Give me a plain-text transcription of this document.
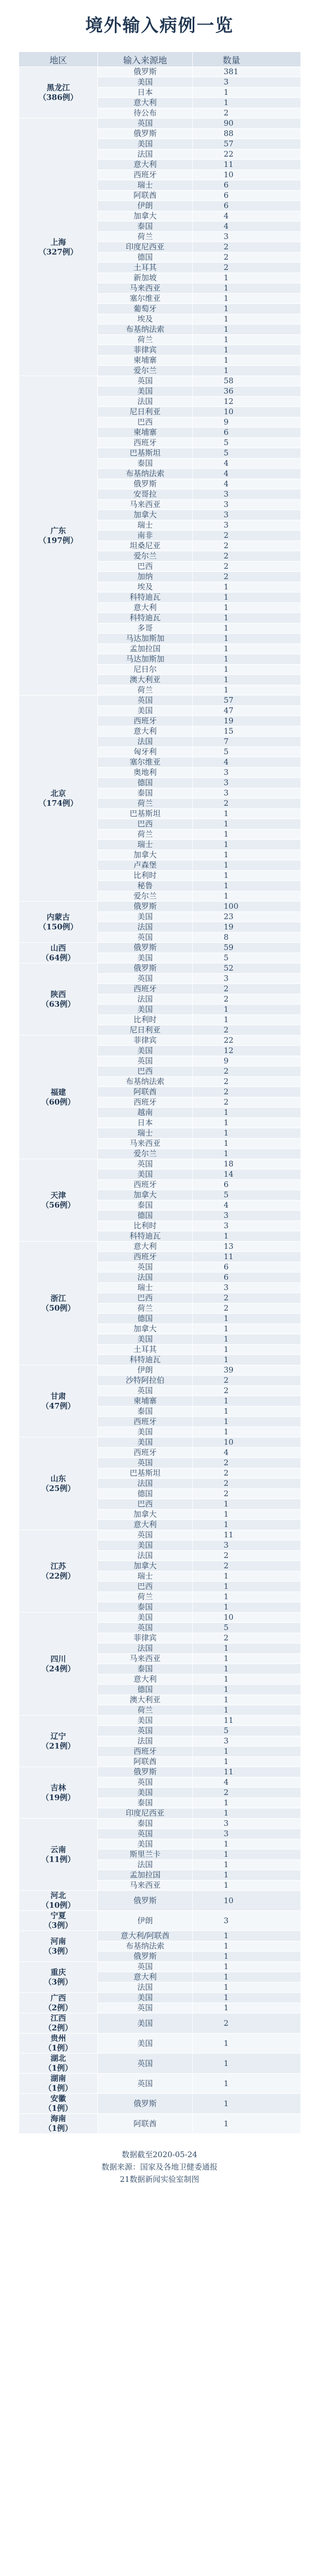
境外输入病例一览
地区	输入来源地	数量

黑龙江
（386例）	俄罗斯	381
	美国	3
	日本	1
	意大利	1
	待公布	2

上海
（327例）	英国	90
	俄罗斯	88
	美国	57
	法国	22
	意大利	11
	西班牙	10
	瑞士	6
	阿联酋	6
	伊朗	6
	加拿大	4
	泰国	4
	荷兰	3
	印度尼西亚	2
	德国	2
	土耳其	2
	新加坡	1
	马来西亚	1
	塞尔维亚	1
	葡萄牙	1
	埃及	1
	布基纳法索	1
	荷兰	1
	菲律宾	1
	柬埔寨	1
	爱尔兰	1

广东
（197例）	英国	58
	美国	36
	法国	12
	尼日利亚	10
	巴西	9
	柬埔寨	6
	西班牙	5
	巴基斯坦	5
	泰国	4
	布基纳法索	4
	俄罗斯	4
	安哥拉	3
	马来西亚	3
	加拿大	3
	瑞士	3
	南非	2
	坦桑尼亚	2
	爱尔兰	2
	巴西	2
	加纳	2
	埃及	1
	科特迪瓦	1
	意大利	1
	科特迪瓦	1
	多哥	1
	马达加斯加	1
	孟加拉国	1
	马达加斯加	1
	尼日尔	1
	澳大利亚	1
	荷兰	1

北京
（174例）	英国	57
	美国	47
	西班牙	19
	意大利	15
	法国	7
	匈牙利	5
	塞尔维亚	4
	奥地利	3
	德国	3
	泰国	3
	荷兰	2
	巴基斯坦	1
	巴西	1
	荷兰	1
	瑞士	1
	加拿大	1
	卢森堡	1
	比利时	1
	秘鲁	1
	爱尔兰	1

内蒙古
（150例）	俄罗斯	100
	美国	23
	法国	19
	英国	8

山西
（64例）	俄罗斯	59
	美国	5

陕西
（63例）	俄罗斯	52
	英国	3
	西班牙	2
	法国	2
	美国	1
	比利时	1
	尼日利亚	2

福建
（60例）	菲律宾	22
	美国	12
	英国	9
	巴西	2
	布基纳法索	2
	阿联酋	2
	西班牙	2
	越南	1
	日本	1
	瑞士	1
	马来西亚	1
	爱尔兰	1

天津
（56例）	英国	18
	美国	14
	西班牙	6
	加拿大	5
	泰国	4
	德国	3
	比利时	3
	科特迪瓦	1

浙江
（50例）	意大利	13
	西班牙	11
	英国	6
	法国	6
	瑞士	3
	巴西	2
	荷兰	2
	德国	1
	加拿大	1
	美国	1
	土耳其	1
	科特迪瓦	1

甘肃
（47例）	伊朗	39
	沙特阿拉伯	2
	英国	2
	柬埔寨	1
	泰国	1
	西班牙	1
	美国	1

山东
（25例）	美国	10
	西班牙	4
	英国	2
	巴基斯坦	2
	法国	2
	德国	2
	巴西	1
	加拿大	1
	意大利	1

江苏
（22例）	英国	11
	美国	3
	法国	2
	加拿大	2
	瑞士	1
	巴西	1
	荷兰	1
	泰国	1

四川
（24例）	美国	10
	英国	5
	菲律宾	2
	法国	1
	马来西亚	1
	泰国	1
	意大利	1
	德国	1
	澳大利亚	1
	荷兰	1

辽宁
（21例）	美国	11
	英国	5
	法国	3
	西班牙	1
	阿联酋	1

吉林
（19例）	俄罗斯	11
	英国	4
	美国	2
	泰国	1
	印度尼西亚	1

云南
（11例）	泰国	3
	英国	3
	美国	1
	斯里兰卡	1
	法国	1
	孟加拉国	1
	马来西亚	1

河北
（10例）	俄罗斯	10

宁夏
（3例）	伊朗	3

河南
（3例）	意大利/阿联酋	1
	布基纳法索	1
	俄罗斯	1

重庆
（3例）	英国	1
	意大利	1
	法国	1

广西
（2例）	美国	1
	英国	1

江西
（2例）	美国	2

贵州
（1例）	美国	1

湖北
（1例）	英国	1

湖南
（1例）	英国	1

安徽
（1例）	俄罗斯	1

海南
（1例）	阿联酋	1
数据截至2020-05-24
数据来源：国家及各地卫健委通报
21数据新闻实验室制图
